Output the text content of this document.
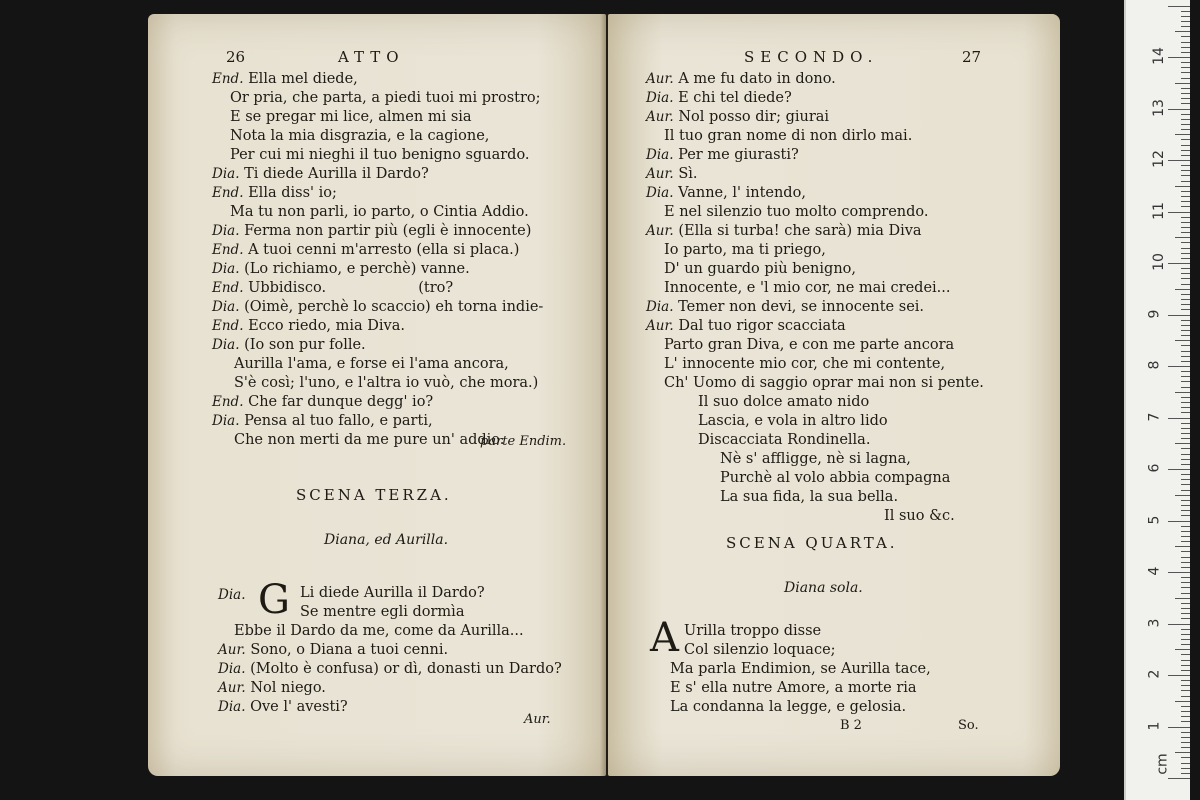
26	ATTO
End. Ella mel diede,
Or pria, che parta, a piedi tuoi mi prostro;
E se pregar mi lice, almen mi sia
Nota la mia disgrazia, e la cagione,
Per cui mi nieghi il tuo benigno sguardo.
Dia. Ti diede Aurilla il Dardo?
End. Ella diss' io;
Ma tu non parli, io parto, o Cintia Addio.
Dia. Ferma non partir più (egli è innocente)
End. A tuoi cenni m'arresto (ella si placa.)
Dia. (Lo richiamo, e perchè) vanne.
End. Ubbidisco.                    (tro?
Dia. (Oimè, perchè lo scaccio) eh torna indie-
End. Ecco riedo, mia Diva.
Dia. (Io son pur folle.
Aurilla l'ama, e forse ei l'ama ancora,
S'è così; l'uno, e l'altra io vuò, che mora.)
End. Che far dunque degg' io?
Dia. Pensa al tuo fallo, e parti,
Che non merti da me pure un' addio.
parte Endim.
SCENA TERZA.
Diana, ed Aurilla.
G
Dia.	Li diede Aurilla il Dardo?
Se mentre egli dormìa
Ebbe il Dardo da me, come da Aurilla...
Aur. Sono, o Diana a tuoi cenni.
Dia. (Molto è confusa) or dì, donasti un Dardo?
Aur. Nol niego.
Dia. Ove l' avesti?
Aur.
SECONDO.	27
Aur. A me fu dato in dono.
Dia. E chi tel diede?
Aur. Nol posso dir; giurai
Il tuo gran nome di non dirlo mai.
Dia. Per me giurasti?
Aur. Sì.
Dia. Vanne, l' intendo,
E nel silenzio tuo molto comprendo.
Aur. (Ella si turba! che sarà) mia Diva
Io parto, ma ti priego,
D' un guardo più benigno,
Innocente, e 'l mio cor, ne mai credei...
Dia. Temer non devi, se innocente sei.
Aur. Dal tuo rigor scacciata
Parto gran Diva, e con me parte ancora
L' innocente mio cor, che mi contente,
Ch' Uomo di saggio oprar mai non si pente.
Il suo dolce amato nido
Lascia, e vola in altro lido
Discacciata Rondinella.
Nè s' affligge, nè si lagna,
Purchè al volo abbia compagna
La sua fida, la sua bella.
Il suo &c.
SCENA QUARTA.
Diana sola.
A Urilla troppo disse
Col silenzio loquace;
Ma parla Endimion, se Aurilla tace,
E s' ella nutre Amore, a morte ria
La condanna la legge, e gelosia.
B 2	So.
cm
1
2
3
4
5
6
7
8
9
10
11
12
13
14
